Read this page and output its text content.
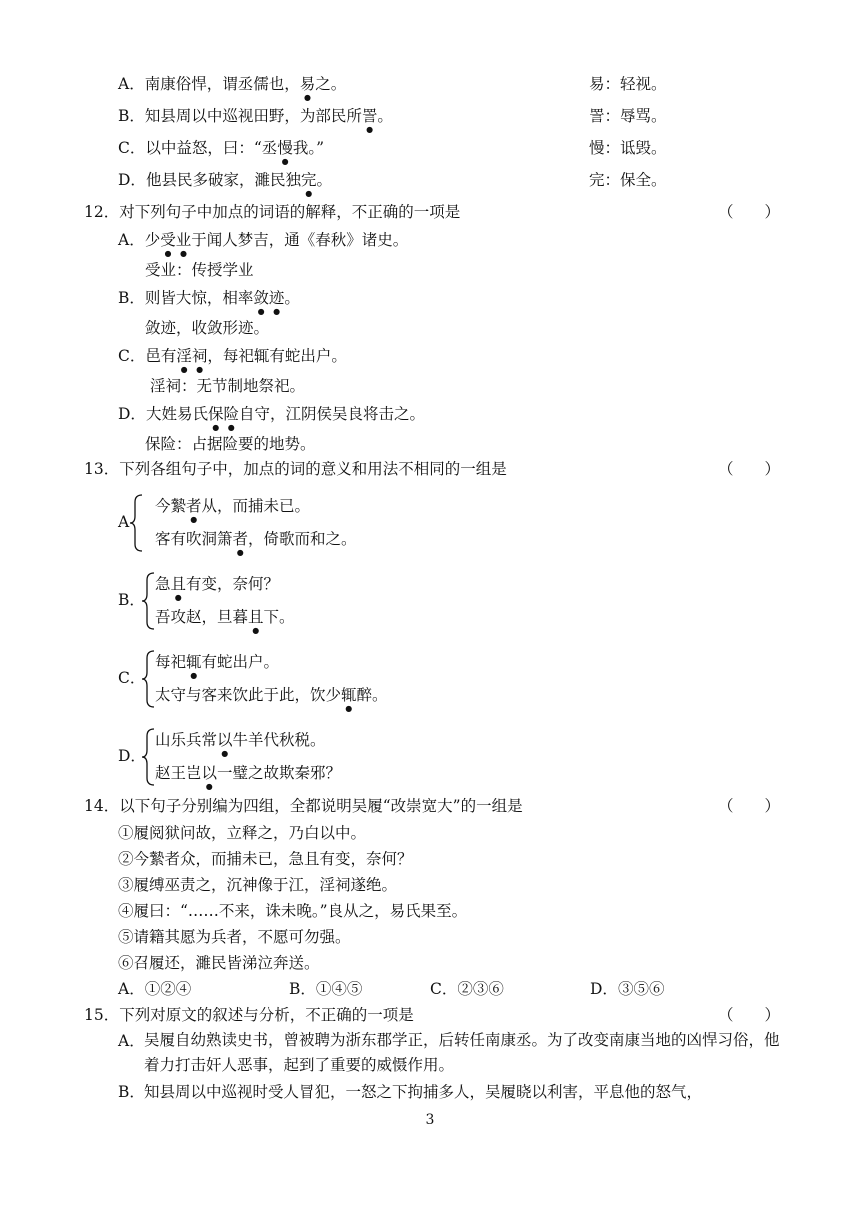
A．南康俗悍，谓丞儒也，易之。	易：轻视。
B．知县周以中巡视田野，为部民所詈。	詈：辱骂。
C．以中益怒，曰：“丞慢我。”	慢：诋毁。
D．他县民多破家，濉民独完。	完：保全。
12．对下列句子中加点的词语的解释，不正确的一项是	（　　）
A．少受业于闻人梦吉，通《春秋》诸史。
受业：传授学业
B．则皆大惊，相率敛迹。
敛迹，收敛形迹。
C．邑有淫祠，每祀辄有蛇出户。
淫祠：无节制地祭祀。
D．大姓易氏保险自守，江阴侯吴良将击之。
保险：占据险要的地势。
13．下列各组句子中，加点的词的意义和用法不相同的一组是	（　　）
A
今縶者从，而捕未已。
客有吹洞箫者，倚歌而和之。
B．
急且有变，奈何？
吾攻赵，旦暮且下。
C．
每祀辄有蛇出户。
太守与客来饮此于此，饮少辄醉。
D．
山乐兵常以牛羊代秋税。
赵王岂以一璧之故欺秦邪？
14．以下句子分别编为四组，全都说明吴履“改崇宽大”的一组是	（　　）
①履阅狱问故，立释之，乃白以中。
②今縶者众，而捕未已，急且有变，奈何？
③履缚巫责之，沉神像于江，淫祠遂绝。
④履曰：“……不来，诛未晚。”良从之，易氏果至。
⑤请籍其愿为兵者，不愿可勿强。
⑥召履还，濉民皆涕泣奔送。
A．①②④	B．①④⑤	C．②③⑥	D．③⑤⑥
15．下列对原文的叙述与分析，不正确的一项是	（　　）
A． 吴履自幼熟读史书，曾被聘为浙东郡学正，后转任南康丞。为了改变南康当地的凶悍习俗，他着力打击奸人恶事，起到了重要的威慑作用。
B． 知县周以中巡视时受人冒犯，一怒之下拘捕多人，吴履晓以利害，平息他的怒气，
3
